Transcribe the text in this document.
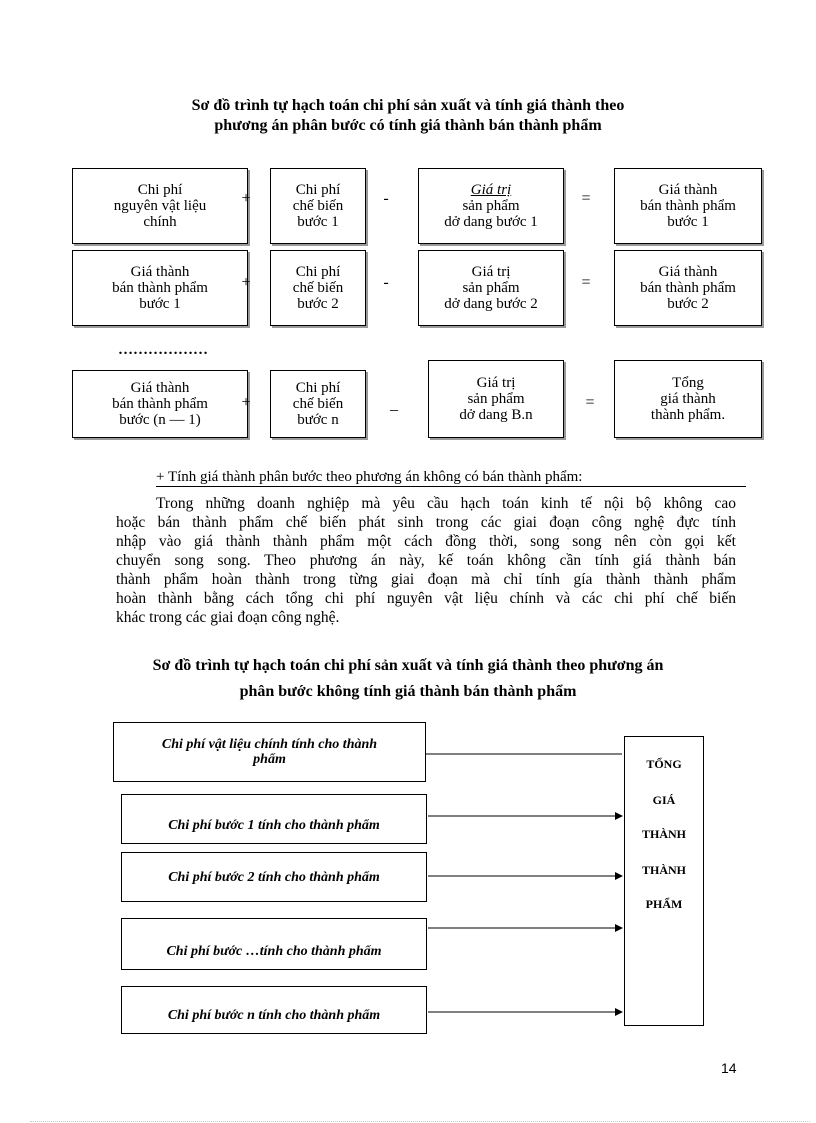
Sơ đồ trình tự hạch toán chi phí sản xuất và tính giá thành theo
phương án phân bước có tính giá thành bán thành phẩm
Chi phí
nguyên vật liệu
chính
+	Chi phí
chế biến
bước 1
-	Giá trị
sản phẩm
dở dang bước 1
=	Giá thành
bán thành phẩm
bước 1
Giá thành
bán thành phẩm
bước 1
+
Chi phí
chế biến
bước 2
-
Giá trị
sản phẩm
dở dang bước 2
=
Giá thành
bán thành phẩm
bước 2
………………
Giá thành
bán thành phẩm
bước (n — 1)
+
Chi phí
chế biến
bước n
_
Giá trị
sản phẩm
dở dang B.n
=
Tổng
giá thành
thành phẩm.
+ Tính giá thành phân bước theo phương án không có bán thành phẩm:
Trong những doanh nghiệp mà yêu cầu hạch toán kinh tế nội bộ không cao
hoặc bán thành phẩm chế biến phát sinh trong các giai đoạn công nghệ đực tính
nhập vào giá thành thành phẩm một cách đồng thời, song song nên còn gọi kết
chuyển song song. Theo phương án này, kế toán không cần tính giá thành bán
thành phẩm hoàn thành trong từng giai đoạn mà chỉ tính gía thành thành phẩm
hoàn thành bằng cách tổng chi phí nguyên vật liệu chính và các chi phí chế biến
khác trong các giai đoạn công nghệ.
Sơ đồ trình tự hạch toán chi phí sản xuất và tính giá thành theo phương án
phân bước không tính giá thành bán thành phẩm
Chi phí vật liệu chính tính cho thành phẩm
Chi phí bước 1 tính cho thành phẩm
Chi phí bước 2 tính cho thành phẩm
Chi phí bước …tính cho thành phẩm
Chi phí bước n tính cho thành phẩm
TỔNG
GIÁ
THÀNH
THÀNH
PHẨM
14
